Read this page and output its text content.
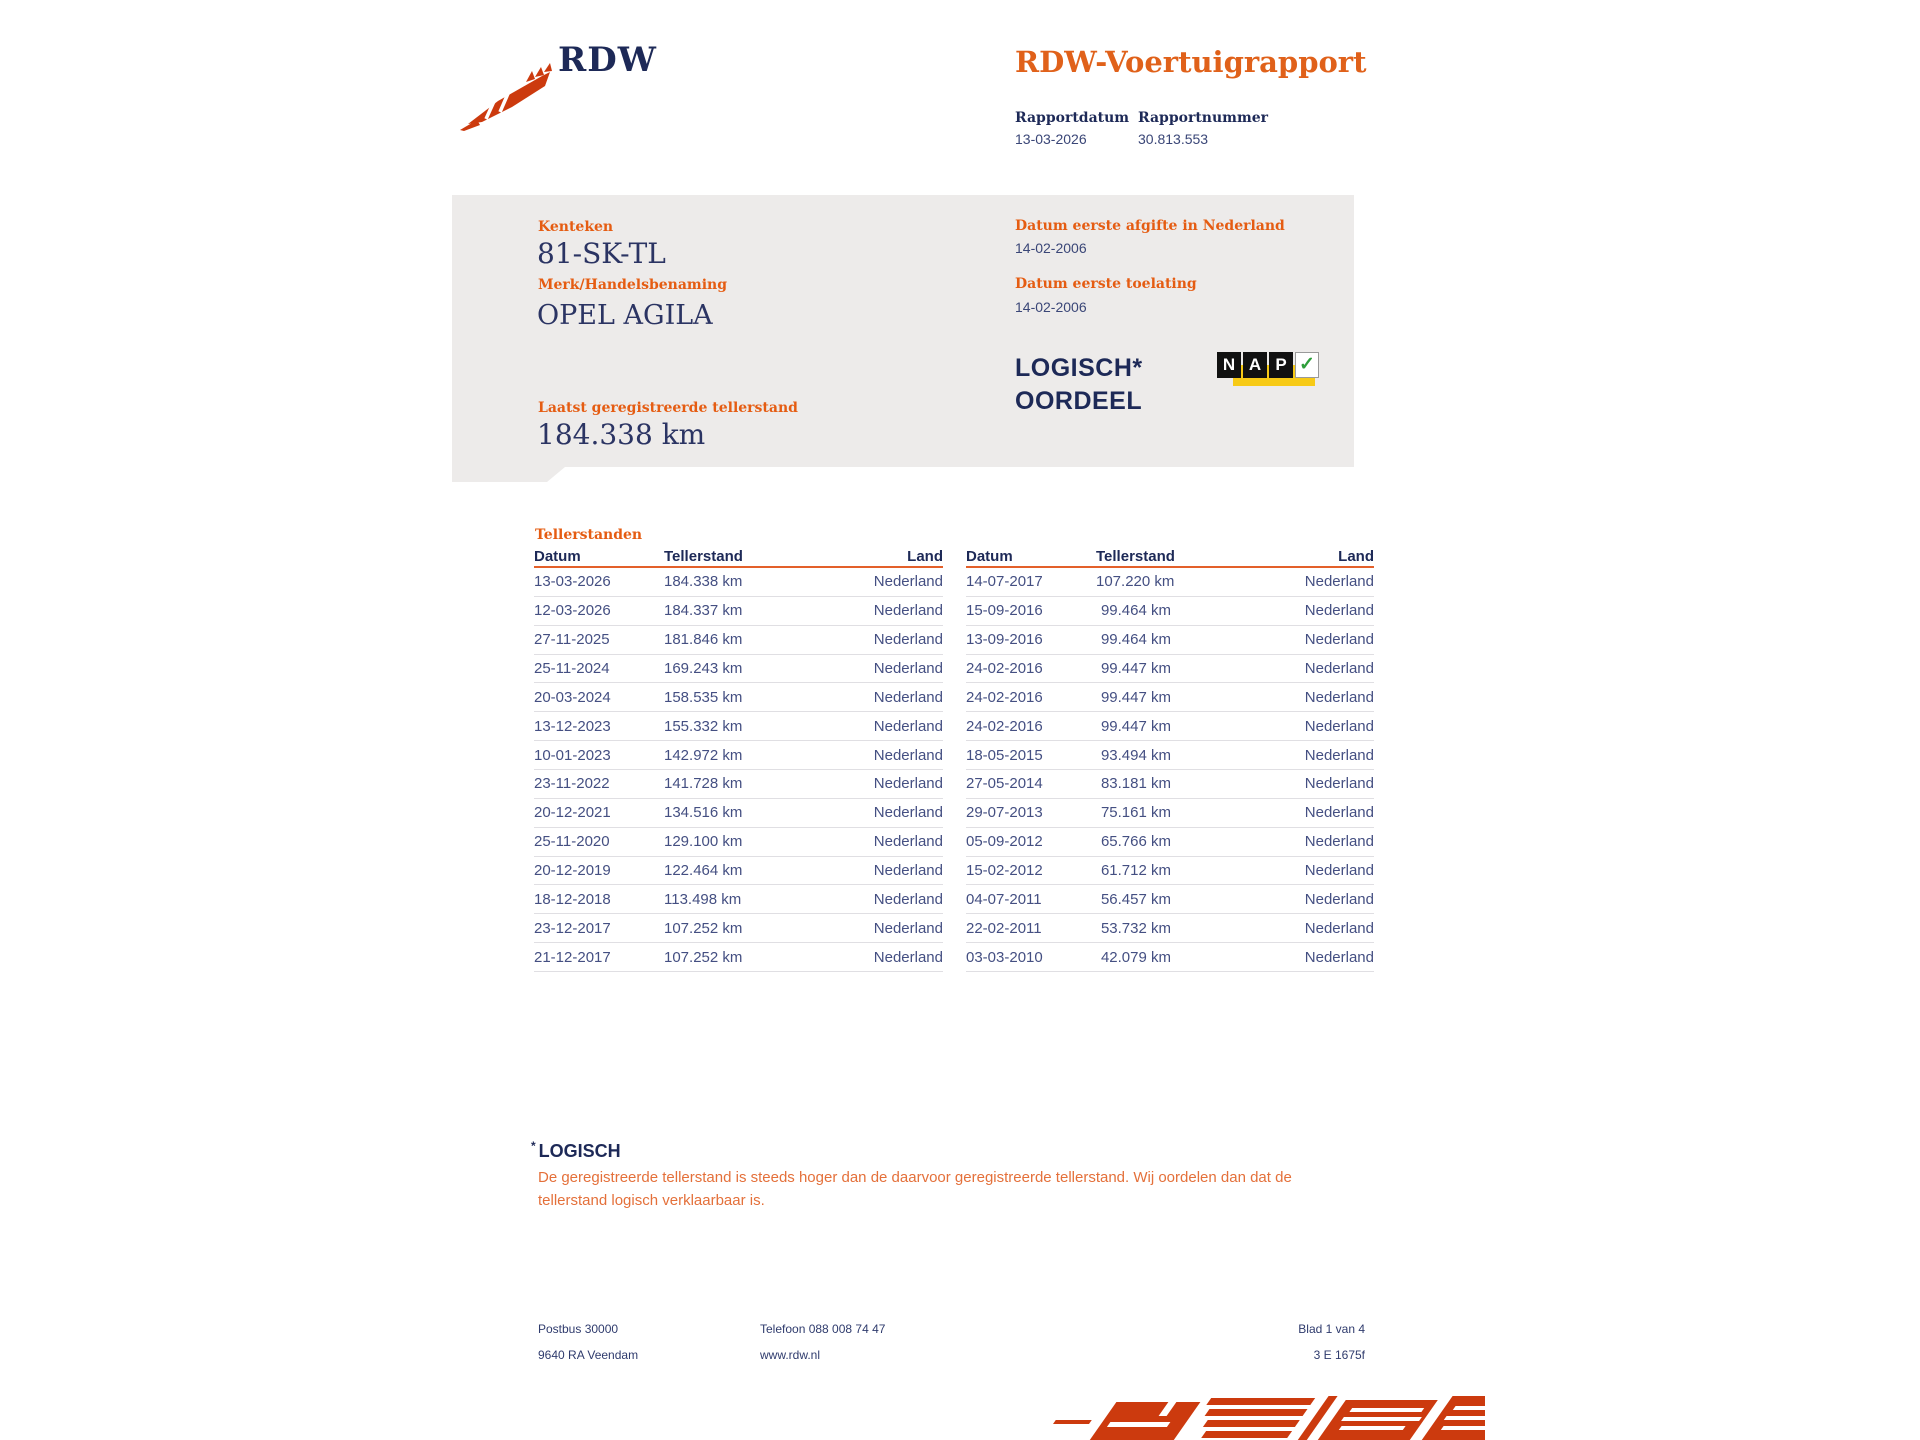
RDW	RDW-Voertuigrapport
Rapportdatum Rapportnummer
13-03-2026	30.813.553
Kenteken
81-SK-TL
Merk/Handelsbenaming
OPEL AGILA
Laatst geregistreerde tellerstand
184.338 km
Datum eerste afgifte in Nederland
14-02-2006
Datum eerste toelating
14-02-2006
LOGISCH*
OORDEEL
N A P ✓
Tellerstanden
Datum	Tellerstand	Land
13-03-2026	184.338 km	Nederland
12-03-2026	184.337 km	Nederland
27-11-2025	181.846 km	Nederland
25-11-2024	169.243 km	Nederland
20-03-2024	158.535 km	Nederland
13-12-2023	155.332 km	Nederland
10-01-2023	142.972 km	Nederland
23-11-2022	141.728 km	Nederland
20-12-2021	134.516 km	Nederland
25-11-2020	129.100 km	Nederland
20-12-2019	122.464 km	Nederland
18-12-2018	113.498 km	Nederland
23-12-2017	107.252 km	Nederland
21-12-2017	107.252 km	Nederland
Datum	Tellerstand	Land
14-07-2017	107.220 km	Nederland
15-09-2016	99.464 km	Nederland
13-09-2016	99.464 km	Nederland
24-02-2016	99.447 km	Nederland
24-02-2016	99.447 km	Nederland
24-02-2016	99.447 km	Nederland
18-05-2015	93.494 km	Nederland
27-05-2014	83.181 km	Nederland
29-07-2013	75.161 km	Nederland
05-09-2012	65.766 km	Nederland
15-02-2012	61.712 km	Nederland
04-07-2011	56.457 km	Nederland
22-02-2011	53.732 km	Nederland
03-03-2010	42.079 km	Nederland
* LOGISCH
De geregistreerde tellerstand is steeds hoger dan de daarvoor geregistreerde tellerstand. Wij oordelen dan dat de tellerstand logisch verklaarbaar is.
Postbus 30000
9640 RA Veendam
Telefoon 088 008 74 47
www.rdw.nl
Blad 1 van 4
3 E 1675f
